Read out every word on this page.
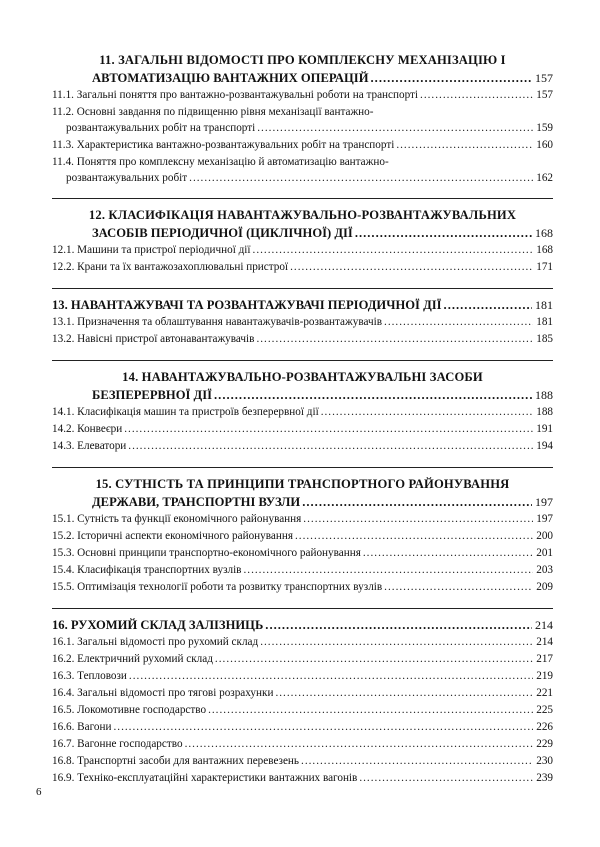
11. ЗАГАЛЬНІ ВІДОМОСТІ ПРО КОМПЛЕКСНУ МЕХАНІЗАЦІЮ І
АВТОМАТИЗАЦІЮ ВАНТАЖНИХ ОПЕРАЦІЙ .....	157
11.1. Загальні поняття про вантажно-розвантажувальні роботи на транспорті .....	157
11.2. Основні завдання по підвищенню рівня механізації вантажно-
розвантажувальних робіт на транспорті .....	159
11.3. Характеристика вантажно-розвантажувальних робіт на транспорті .....	160
11.4. Поняття про комплексну механізацію й автоматизацію вантажно-
розвантажувальних робіт .....	162
12. КЛАСИФІКАЦІЯ НАВАНТАЖУВАЛЬНО-РОЗВАНТАЖУВАЛЬНИХ
ЗАСОБІВ ПЕРІОДИЧНОЇ (ЦИКЛІЧНОЇ) ДІЇ .....	168
12.1. Машини та пристрої періодичної дії .....	168
12.2. Крани та їх вантажозахоплювальні пристрої .....	171
13. НАВАНТАЖУВАЧІ ТА РОЗВАНТАЖУВАЧІ ПЕРІОДИЧНОЇ ДІЇ .....	181
13.1. Призначення та облаштування навантажувачів-розвантажувачів .....	181
13.2. Навісні пристрої автонавантажувачів .....	185
14. НАВАНТАЖУВАЛЬНО-РОЗВАНТАЖУВАЛЬНІ ЗАСОБИ
БЕЗПЕРЕРВНОЇ ДІЇ .....	188
14.1. Класифікація машин та пристроїв безперервної дії .....	188
14.2. Конвеєри .....	191
14.3. Елеватори .....	194
15. СУТНІСТЬ ТА ПРИНЦИПИ ТРАНСПОРТНОГО РАЙОНУВАННЯ
ДЕРЖАВИ, ТРАНСПОРТНІ ВУЗЛИ .....	197
15.1. Сутність та функції економічного районування .....	197
15.2. Історичні аспекти економічного районування .....	200
15.3. Основні принципи транспортно-економічного районування .....	201
15.4. Класифікація транспортних вузлів .....	203
15.5. Оптимізація технології роботи та розвитку транспортних вузлів .....	209
16. РУХОМИЙ СКЛАД ЗАЛІЗНИЦЬ .....	214
16.1. Загальні відомості про рухомий склад .....	214
16.2. Електричний рухомий склад .....	217
16.3. Тепловози .....	219
16.4. Загальні відомості про тягові розрахунки .....	221
16.5. Локомотивне господарство .....	225
16.6. Вагони .....	226
16.7. Вагонне господарство .....	229
16.8. Транспортні засоби для вантажних перевезень .....	230
16.9. Техніко-експлуатаційні характеристики вантажних вагонів .....	239
6
